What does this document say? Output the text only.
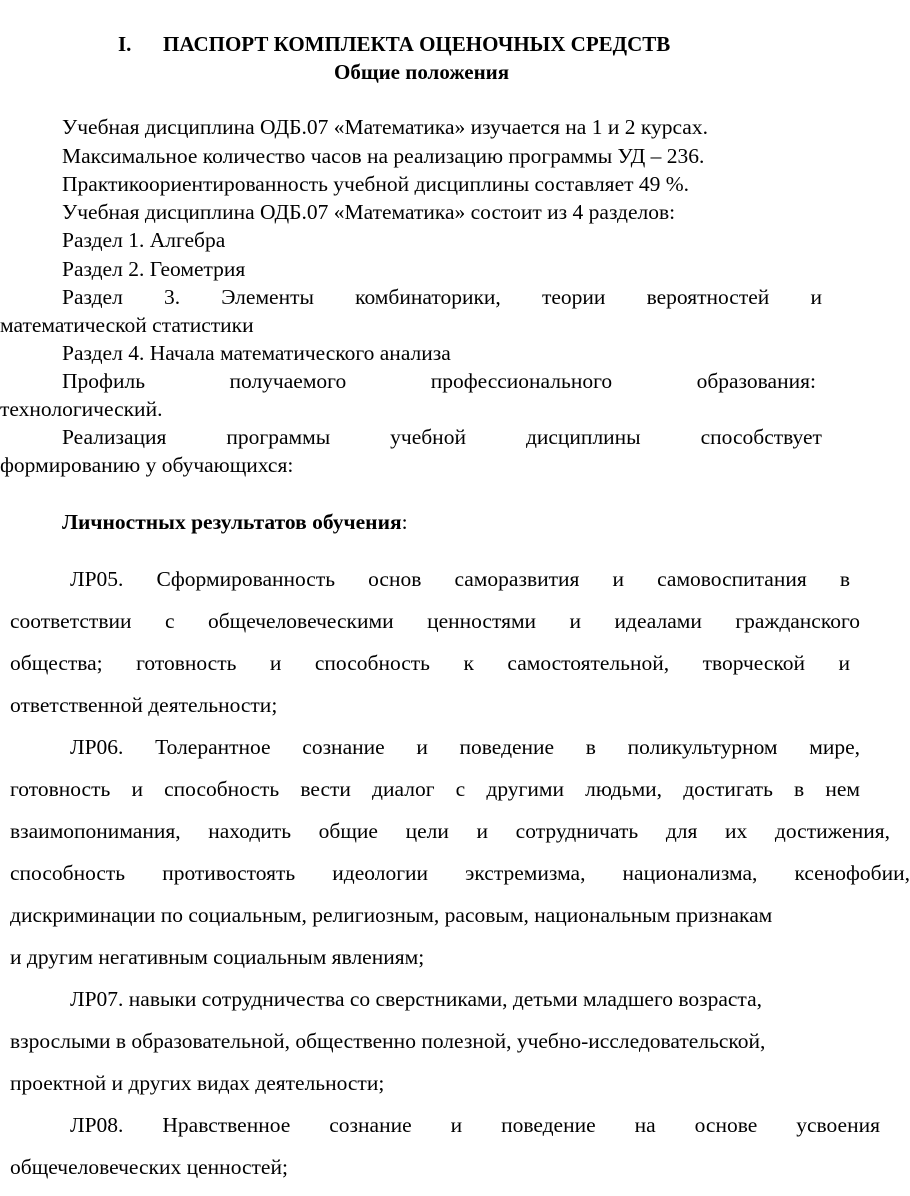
I. ПАСПОРТ КОМПЛЕКТА ОЦЕНОЧНЫХ СРЕДСТВ
Общие положения
Учебная дисциплина ОДБ.07 «Математика» изучается на 1 и 2 курсах.
Максимальное количество часов на реализацию программы УД – 236.
Практикоориентированность учебной дисциплины составляет 49 %.
Учебная дисциплина ОДБ.07 «Математика» состоит из 4 разделов:
Раздел 1. Алгебра
Раздел 2. Геометрия
Раздел 3. Элементы комбинаторики, теории вероятностей и
математической статистики
Раздел 4. Начала математического анализа
Профиль	получаемого	профессионального	образования:
технологический.
Реализация	программы	учебной	дисциплины	способствует
формированию у обучающихся:
Личностных результатов обучения:
ЛР05. Сформированность основ саморазвития и самовоспитания в
соответствии с общечеловеческими ценностями и идеалами гражданского
общества; готовность и способность к самостоятельной, творческой и
ответственной деятельности;
ЛР06. Толерантное сознание и поведение в поликультурном мире,
готовность и способность вести диалог с другими людьми, достигать в нем
взаимопонимания, находить общие цели и сотрудничать для их достижения,
способность противостоять идеологии экстремизма, национализма, ксенофобии,
дискриминации по социальным, религиозным, расовым, национальным признакам
и другим негативным социальным явлениям;
ЛР07. навыки сотрудничества со сверстниками, детьми младшего возраста,
взрослыми в образовательной, общественно полезной, учебно-исследовательской,
проектной и других видах деятельности;
ЛР08. Нравственное сознание и поведение на основе усвоения
общечеловеческих ценностей;
